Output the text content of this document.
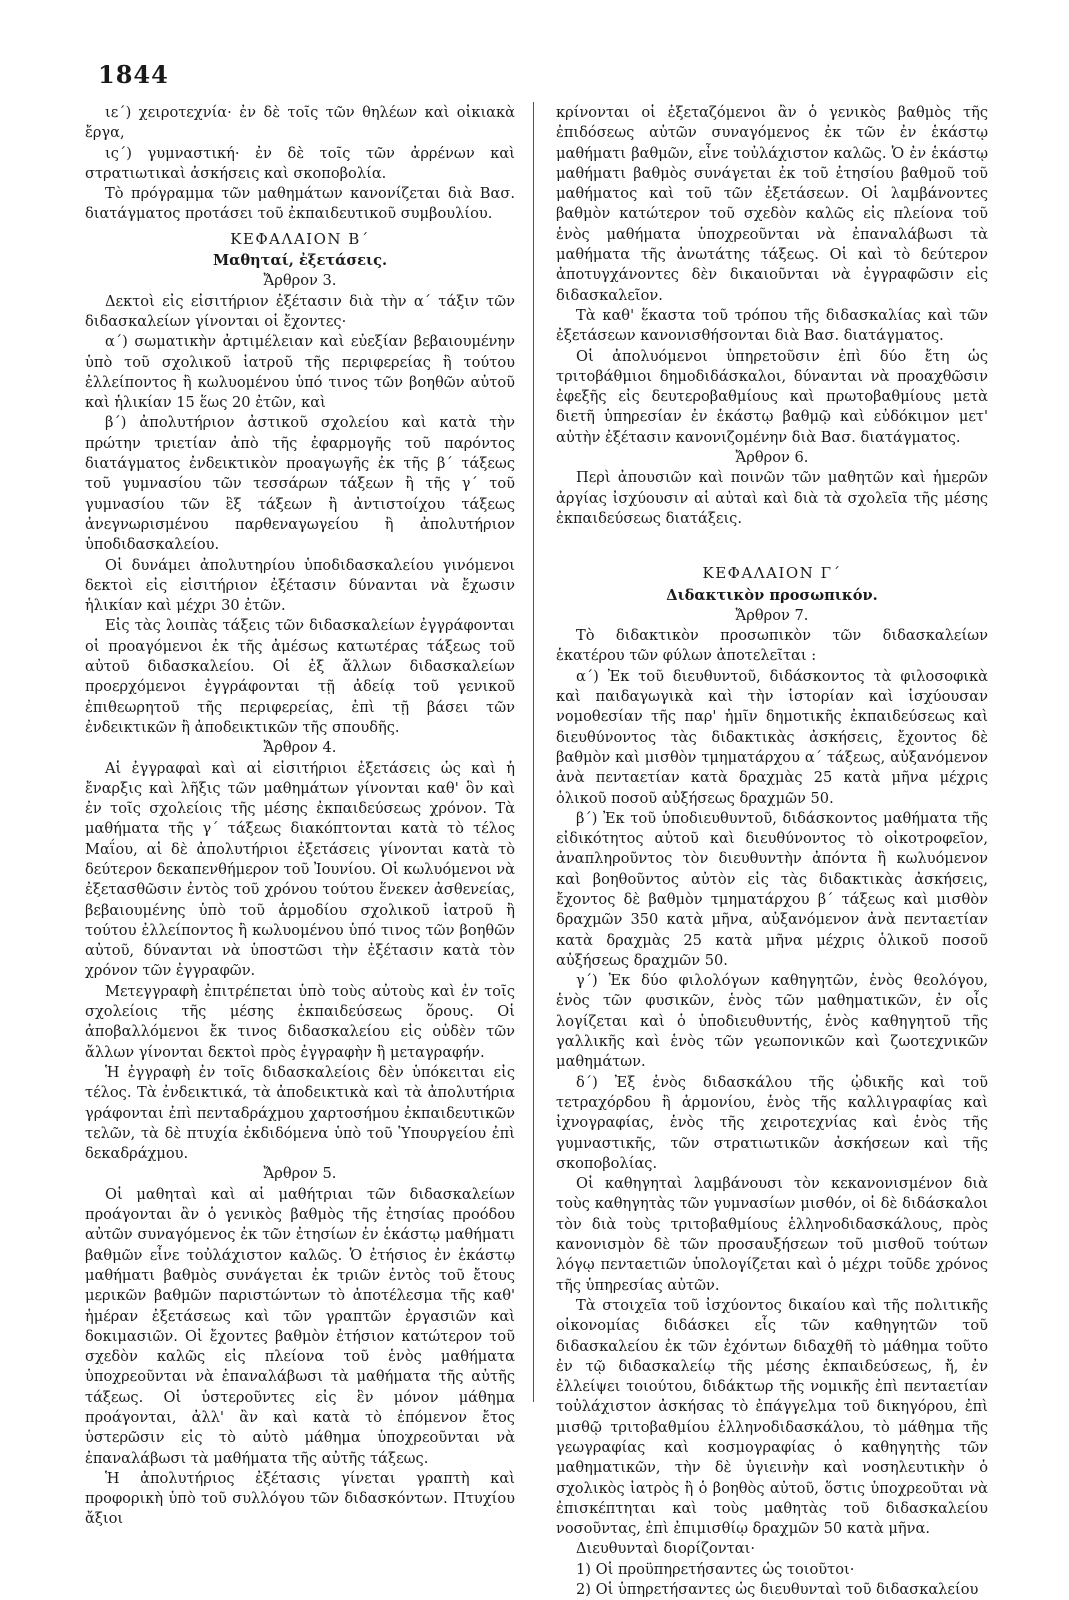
1844

ιε΄) χειροτεχνία· ἐν δὲ τοῖς τῶν θηλέων καὶ οἰκιακὰ ἔργα,

ις΄) γυμναστική· ἐν δὲ τοῖς τῶν ἀρρένων καὶ στρατιωτικαὶ ἀσκήσεις καὶ σκοποβολία.

Τὸ πρόγραμμα τῶν μαθημάτων κανονίζεται διὰ Βασ. διατάγματος προτάσει τοῦ ἐκπαιδευτικοῦ συμβουλίου.

ΚΕΦΑΛΑΙΟΝ Β΄
Μαθηταί, ἐξετάσεις.
Ἄρθρον 3.

Δεκτοὶ εἰς εἰσιτήριον ἐξέτασιν διὰ τὴν α΄ τάξιν τῶν διδασκαλείων γίνονται οἱ ἔχοντες·

α΄) σωματικὴν ἀρτιμέλειαν καὶ εὐεξίαν βεβαιουμένην ὑπὸ τοῦ σχολικοῦ ἰατροῦ τῆς περιφερείας ἢ τούτου ἐλλείποντος ἢ κωλυομένου ὑπό τινος τῶν βοηθῶν αὐτοῦ καὶ ἡλικίαν 15 ἕως 20 ἐτῶν, καὶ

β΄) ἀπολυτήριον ἀστικοῦ σχολείου καὶ κατὰ τὴν πρώτην τριετίαν ἀπὸ τῆς ἐφαρμογῆς τοῦ παρόντος διατάγματος ἐνδεικτικὸν προαγωγῆς ἐκ τῆς β΄ τάξεως τοῦ γυμνασίου τῶν τεσσάρων τάξεων ἢ τῆς γ΄ τοῦ γυμνασίου τῶν ἓξ τάξεων ἢ ἀντιστοίχου τάξεως ἀνεγνωρισμένου παρθεναγωγείου ἢ ἀπολυτήριον ὑποδιδασκαλείου.

Οἱ δυνάμει ἀπολυτηρίου ὑποδιδασκαλείου γινόμενοι δεκτοὶ εἰς εἰσιτήριον ἐξέτασιν δύνανται νὰ ἔχωσιν ἡλικίαν καὶ μέχρι 30 ἐτῶν.

Εἰς τὰς λοιπὰς τάξεις τῶν διδασκαλείων ἐγγράφονται οἱ προαγόμενοι ἐκ τῆς ἀμέσως κατωτέρας τάξεως τοῦ αὐτοῦ διδασκαλείου. Οἱ ἐξ ἄλλων διδασκαλείων προερχόμενοι ἐγγράφονται τῇ ἀδείᾳ τοῦ γενικοῦ ἐπιθεωρητοῦ τῆς περιφερείας, ἐπὶ τῇ βάσει τῶν ἐνδεικτικῶν ἢ ἀποδεικτικῶν τῆς σπουδῆς.

Ἄρθρον 4.

Αἱ ἐγγραφαὶ καὶ αἱ εἰσιτήριοι ἐξετάσεις ὡς καὶ ἡ ἔναρξις καὶ λῆξις τῶν μαθημάτων γίνονται καθ' ὃν καὶ ἐν τοῖς σχολείοις τῆς μέσης ἐκπαιδεύσεως χρόνον. Τὰ μαθήματα τῆς γ΄ τάξεως διακόπτονται κατὰ τὸ τέλος Μαΐου, αἱ δὲ ἀπολυτήριοι ἐξετάσεις γίνονται κατὰ τὸ δεύτερον δεκαπενθήμερον τοῦ Ἰουνίου. Οἱ κωλυόμενοι νὰ ἐξετασθῶσιν ἐντὸς τοῦ χρόνου τούτου ἕνεκεν ἀσθενείας, βεβαιουμένης ὑπὸ τοῦ ἁρμοδίου σχολικοῦ ἰατροῦ ἢ τούτου ἐλλείποντος ἢ κωλυομένου ὑπό τινος τῶν βοηθῶν αὐτοῦ, δύνανται νὰ ὑποστῶσι τὴν ἐξέτασιν κατὰ τὸν χρόνον τῶν ἐγγραφῶν.

Μετεγγραφὴ ἐπιτρέπεται ὑπὸ τοὺς αὐτοὺς καὶ ἐν τοῖς σχολείοις τῆς μέσης ἐκπαιδεύσεως ὅρους. Οἱ ἀποβαλλόμενοι ἔκ τινος διδασκαλείου εἰς οὐδὲν τῶν ἄλλων γίνονται δεκτοὶ πρὸς ἐγγραφὴν ἢ μεταγραφήν.

Ἡ ἐγγραφὴ ἐν τοῖς διδασκαλείοις δὲν ὑπόκειται εἰς τέλος. Τὰ ἐνδεικτικά, τὰ ἀποδεικτικὰ καὶ τὰ ἀπολυτήρια γράφονται ἐπὶ πενταδράχμου χαρτοσήμου ἐκπαιδευτικῶν τελῶν, τὰ δὲ πτυχία ἐκδιδόμενα ὑπὸ τοῦ Ὑπουργείου ἐπὶ δεκαδράχμου.

Ἄρθρον 5.

Οἱ μαθηταὶ καὶ αἱ μαθήτριαι τῶν διδασκαλείων προάγονται ἂν ὁ γενικὸς βαθμὸς τῆς ἐτησίας προόδου αὐτῶν συναγόμενος ἐκ τῶν ἐτησίων ἐν ἑκάστῳ μαθήματι βαθμῶν εἶνε τοὐλάχιστον καλῶς. Ὁ ἐτήσιος ἐν ἑκάστῳ μαθήματι βαθμὸς συνάγεται ἐκ τριῶν ἐντὸς τοῦ ἔτους μερικῶν βαθμῶν παριστώντων τὸ ἀποτέλεσμα τῆς καθ' ἡμέραν ἐξετάσεως καὶ τῶν γραπτῶν ἐργασιῶν καὶ δοκιμασιῶν. Οἱ ἔχοντες βαθμὸν ἐτήσιον κατώτερον τοῦ σχεδὸν καλῶς εἰς πλείονα τοῦ ἑνὸς μαθήματα ὑποχρεοῦνται νὰ ἐπαναλάβωσι τὰ μαθήματα τῆς αὐτῆς τάξεως. Οἱ ὑστεροῦντες εἰς ἓν μόνον μάθημα προάγονται, ἀλλ' ἂν καὶ κατὰ τὸ ἐπόμενον ἔτος ὑστερῶσιν εἰς τὸ αὐτὸ μάθημα ὑποχρεοῦνται νὰ ἐπαναλάβωσι τὰ μαθήματα τῆς αὐτῆς τάξεως.

Ἡ ἀπολυτήριος ἐξέτασις γίνεται γραπτὴ καὶ προφορικὴ ὑπὸ τοῦ συλλόγου τῶν διδασκόντων. Πτυχίου ἄξιοι

κρίνονται οἱ ἐξεταζόμενοι ἂν ὁ γενικὸς βαθμὸς τῆς ἐπιδόσεως αὐτῶν συναγόμενος ἐκ τῶν ἐν ἑκάστῳ μαθήματι βαθμῶν, εἶνε τοὐλάχιστον καλῶς. Ὁ ἐν ἑκάστῳ μαθήματι βαθμὸς συνάγεται ἐκ τοῦ ἐτησίου βαθμοῦ τοῦ μαθήματος καὶ τοῦ τῶν ἐξετάσεων. Οἱ λαμβάνοντες βαθμὸν κατώτερον τοῦ σχεδὸν καλῶς εἰς πλείονα τοῦ ἑνὸς μαθήματα ὑποχρεοῦνται νὰ ἐπαναλάβωσι τὰ μαθήματα τῆς ἀνωτάτης τάξεως. Οἱ καὶ τὸ δεύτερον ἀποτυγχάνοντες δὲν δικαιοῦνται νὰ ἐγγραφῶσιν εἰς διδασκαλεῖον.

Τὰ καθ' ἕκαστα τοῦ τρόπου τῆς διδασκαλίας καὶ τῶν ἐξετάσεων κανονισθήσονται διὰ Βασ. διατάγματος.

Οἱ ἀπολυόμενοι ὑπηρετοῦσιν ἐπὶ δύο ἔτη ὡς τριτοβάθμιοι δημοδιδάσκαλοι, δύνανται νὰ προαχθῶσιν ἐφεξῆς εἰς δευτεροβαθμίους καὶ πρωτοβαθμίους μετὰ διετῆ ὑπηρεσίαν ἐν ἑκάστῳ βαθμῷ καὶ εὐδόκιμον μετ' αὐτὴν ἐξέτασιν κανονιζομένην διὰ Βασ. διατάγματος.

Ἄρθρον 6.

Περὶ ἀπουσιῶν καὶ ποινῶν τῶν μαθητῶν καὶ ἡμερῶν ἀργίας ἰσχύουσιν αἱ αὐταὶ καὶ διὰ τὰ σχολεῖα τῆς μέσης ἐκπαιδεύσεως διατάξεις.

ΚΕΦΑΛΑΙΟΝ Γ΄
Διδακτικὸν προσωπικόν.
Ἄρθρον 7.

Τὸ διδακτικὸν προσωπικὸν τῶν διδασκαλείων ἑκατέρου τῶν φύλων ἀποτελεῖται :

α΄) Ἐκ τοῦ διευθυντοῦ, διδάσκοντος τὰ φιλοσοφικὰ καὶ παιδαγωγικὰ καὶ τὴν ἱστορίαν καὶ ἰσχύουσαν νομοθεσίαν τῆς παρ' ἡμῖν δημοτικῆς ἐκπαιδεύσεως καὶ διευθύνοντος τὰς διδακτικὰς ἀσκήσεις, ἔχοντος δὲ βαθμὸν καὶ μισθὸν τμηματάρχου α΄ τάξεως, αὐξανόμενον ἀνὰ πενταετίαν κατὰ δραχμὰς 25 κατὰ μῆνα μέχρις ὁλικοῦ ποσοῦ αὐξήσεως δραχμῶν 50.

β΄) Ἐκ τοῦ ὑποδιευθυντοῦ, διδάσκοντος μαθήματα τῆς εἰδικότητος αὐτοῦ καὶ διευθύνοντος τὸ οἰκοτροφεῖον, ἀναπληροῦντος τὸν διευθυντὴν ἀπόντα ἢ κωλυόμενον καὶ βοηθοῦντος αὐτὸν εἰς τὰς διδακτικὰς ἀσκήσεις, ἔχοντος δὲ βαθμὸν τμηματάρχου β΄ τάξεως καὶ μισθὸν δραχμῶν 350 κατὰ μῆνα, αὐξανόμενον ἀνὰ πενταετίαν κατὰ δραχμὰς 25 κατὰ μῆνα μέχρις ὁλικοῦ ποσοῦ αὐξήσεως δραχμῶν 50.

γ΄) Ἐκ δύο φιλολόγων καθηγητῶν, ἑνὸς θεολόγου, ἑνὸς τῶν φυσικῶν, ἑνὸς τῶν μαθηματικῶν, ἐν οἷς λογίζεται καὶ ὁ ὑποδιευθυντής, ἑνὸς καθηγητοῦ τῆς γαλλικῆς καὶ ἑνὸς τῶν γεωπονικῶν καὶ ζωοτεχνικῶν μαθημάτων.

δ΄) Ἐξ ἑνὸς διδασκάλου τῆς ᾠδικῆς καὶ τοῦ τετραχόρδου ἢ ἁρμονίου, ἑνὸς τῆς καλλιγραφίας καὶ ἰχνογραφίας, ἑνὸς τῆς χειροτεχνίας καὶ ἑνὸς τῆς γυμναστικῆς, τῶν στρατιωτικῶν ἀσκήσεων καὶ τῆς σκοποβολίας.

Οἱ καθηγηταὶ λαμβάνουσι τὸν κεκανονισμένον διὰ τοὺς καθηγητὰς τῶν γυμνασίων μισθόν, οἱ δὲ διδάσκαλοι τὸν διὰ τοὺς τριτοβαθμίους ἑλληνοδιδασκάλους, πρὸς κανονισμὸν δὲ τῶν προσαυξήσεων τοῦ μισθοῦ τούτων λόγῳ πενταετιῶν ὑπολογίζεται καὶ ὁ μέχρι τοῦδε χρόνος τῆς ὑπηρεσίας αὐτῶν.

Τὰ στοιχεῖα τοῦ ἰσχύοντος δικαίου καὶ τῆς πολιτικῆς οἰκονομίας διδάσκει εἷς τῶν καθηγητῶν τοῦ διδασκαλείου ἐκ τῶν ἐχόντων διδαχθῆ τὸ μάθημα τοῦτο ἐν τῷ διδασκαλείῳ τῆς μέσης ἐκπαιδεύσεως, ἤ, ἐν ἐλλείψει τοιούτου, διδάκτωρ τῆς νομικῆς ἐπὶ πενταετίαν τοὐλάχιστον ἀσκήσας τὸ ἐπάγγελμα τοῦ δικηγόρου, ἐπὶ μισθῷ τριτοβαθμίου ἑλληνοδιδασκάλου, τὸ μάθημα τῆς γεωγραφίας καὶ κοσμογραφίας ὁ καθηγητὴς τῶν μαθηματικῶν, τὴν δὲ ὑγιεινὴν καὶ νοσηλευτικὴν ὁ σχολικὸς ἰατρὸς ἢ ὁ βοηθὸς αὐτοῦ, ὅστις ὑποχρεοῦται νὰ ἐπισκέπτηται καὶ τοὺς μαθητὰς τοῦ διδασκαλείου νοσοῦντας, ἐπὶ ἐπιμισθίῳ δραχμῶν 50 κατὰ μῆνα.

Διευθυνταὶ διορίζονται·

1) Οἱ προϋπηρετήσαντες ὡς τοιοῦτοι·

2) Οἱ ὑπηρετήσαντες ὡς διευθυνταὶ τοῦ διδασκαλείου
